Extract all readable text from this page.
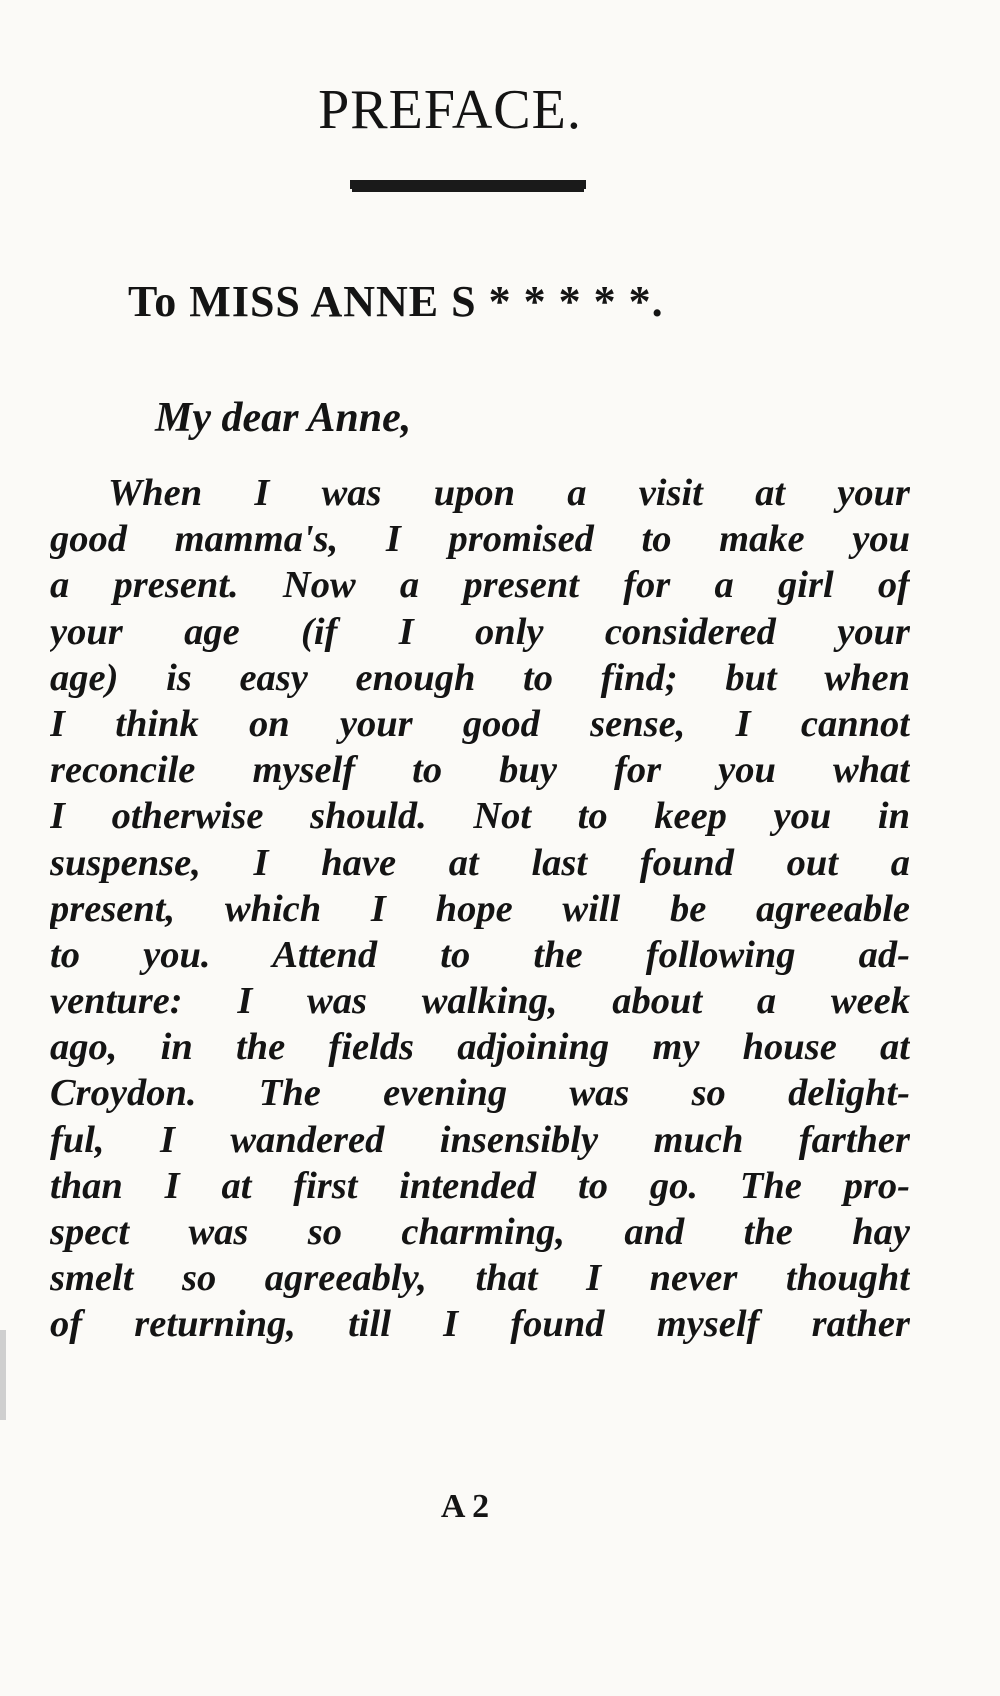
PREFACE.
To MISS ANNE S * * * * *.
My dear Anne,
When I was upon a visit at your
good mamma's, I promised to make you
a present. Now a present for a girl of
your age (if I only considered your
age) is easy enough to find; but when
I think on your good sense, I cannot
reconcile myself to buy for you what
I otherwise should. Not to keep you in
suspense, I have at last found out a
present, which I hope will be agreeable
to you. Attend to the following ad-
venture: I was walking, about a week
ago, in the fields adjoining my house at
Croydon. The evening was so delight-
ful, I wandered insensibly much farther
than I at first intended to go. The pro-
spect was so charming, and the hay
smelt so agreeably, that I never thought
of returning, till I found myself rather
A 2
